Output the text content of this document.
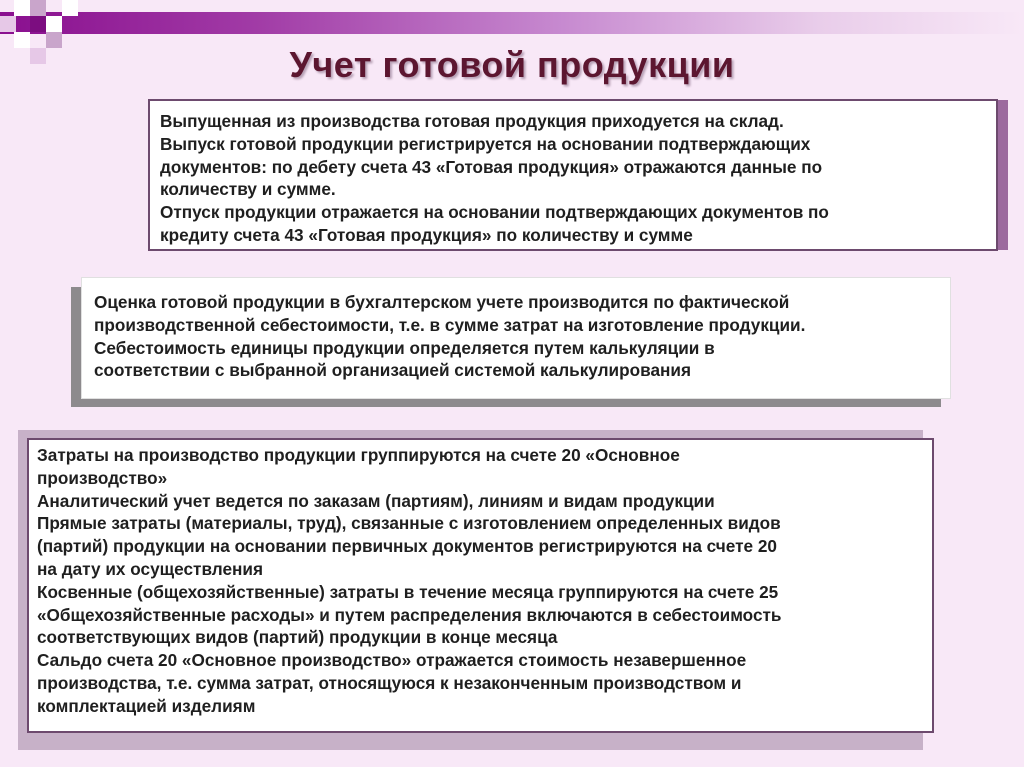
Учет готовой продукции

Выпущенная из производства готовая продукция приходуется на склад.

Выпуск готовой продукции регистрируется на основании подтверждающих

документов: по дебету счета 43 «Готовая продукция» отражаются данные по

количеству и сумме.

Отпуск продукции отражается на основании подтверждающих документов по

кредиту счета 43 «Готовая продукция» по количеству и сумме

Оценка готовой продукции в бухгалтерском учете производится по фактической

производственной себестоимости, т.е. в сумме затрат на изготовление продукции.

Себестоимость единицы продукции определяется путем калькуляции в

соответствии с выбранной организацией системой калькулирования

Затраты на производство продукции группируются на счете 20 «Основное

производство»

Аналитический учет ведется по заказам (партиям), линиям и видам продукции

Прямые затраты (материалы, труд), связанные с изготовлением определенных видов

(партий) продукции на основании первичных документов регистрируются на счете 20

на дату их осуществления

Косвенные (общехозяйственные) затраты в течение месяца группируются на счете 25

«Общехозяйственные расходы» и путем распределения включаются в себестоимость

соответствующих видов (партий) продукции в конце месяца

Сальдо счета 20 «Основное производство» отражается стоимость незавершенное

производства, т.е. сумма затрат, относящуюся к незаконченным производством и

комплектацией изделиям
